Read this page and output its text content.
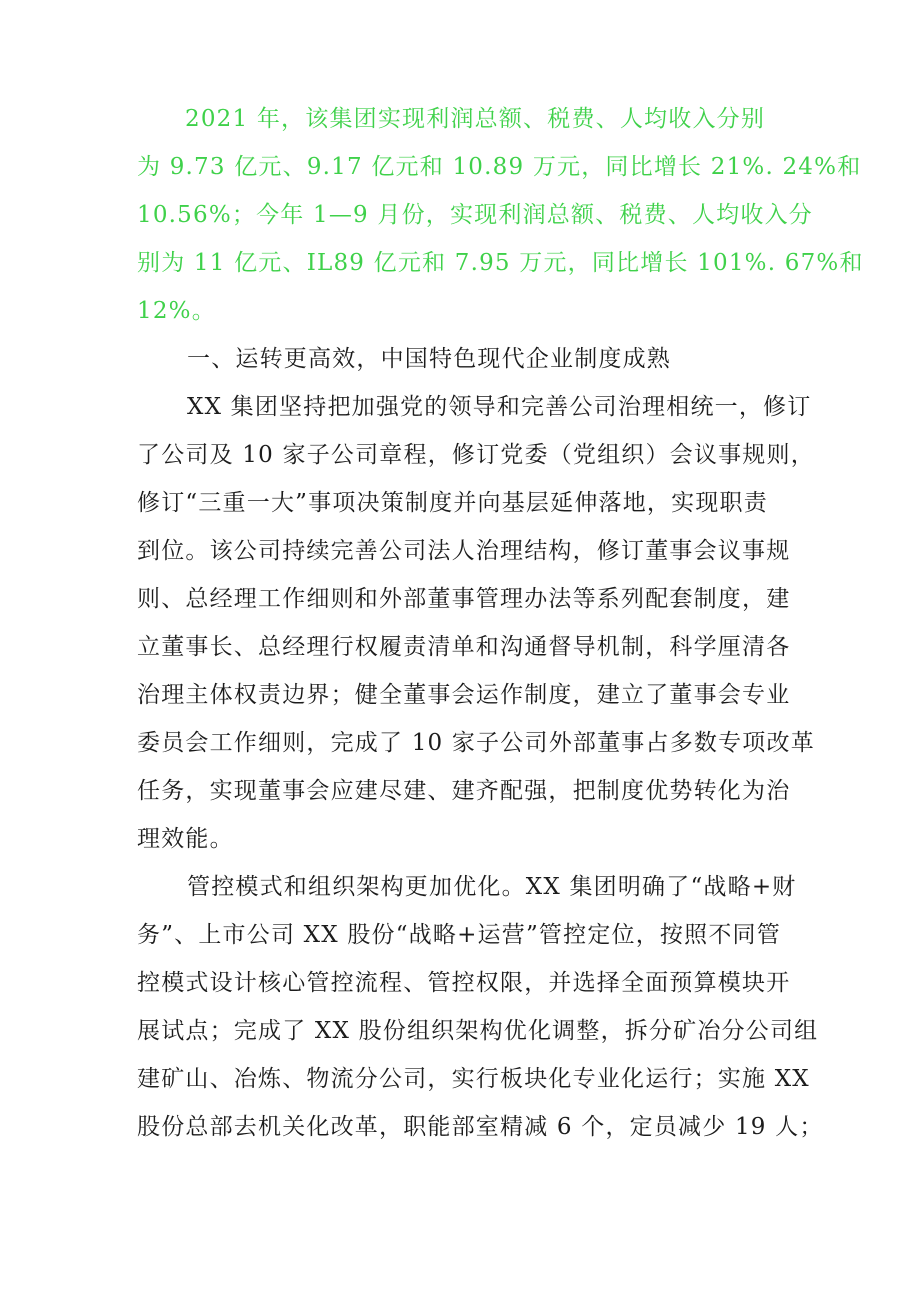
2021 年，该集团实现利润总额、税费、人均收入分别
为 9.73 亿元、9.17 亿元和 10.89 万元，同比增长 21%. 24%和
10.56%；今年 1—9 月份，实现利润总额、税费、人均收入分
别为 11 亿元、IL89 亿元和 7.95 万元，同比增长 101%. 67%和
12%。
一、运转更高效，中国特色现代企业制度成熟
XX 集团坚持把加强党的领导和完善公司治理相统一，修订
了公司及 10 家子公司章程，修订党委（党组织）会议事规则，
修订“三重一大”事项决策制度并向基层延伸落地，实现职责
到位。该公司持续完善公司法人治理结构，修订董事会议事规
则、总经理工作细则和外部董事管理办法等系列配套制度，建
立董事长、总经理行权履责清单和沟通督导机制，科学厘清各
治理主体权责边界；健全董事会运作制度，建立了董事会专业
委员会工作细则，完成了 10 家子公司外部董事占多数专项改革
任务，实现董事会应建尽建、建齐配强，把制度优势转化为治
理效能。
管控模式和组织架构更加优化。XX 集团明确了“战略+财
务”、上市公司 XX 股份“战略+运营”管控定位，按照不同管
控模式设计核心管控流程、管控权限，并选择全面预算模块开
展试点；完成了 XX 股份组织架构优化调整，拆分矿冶分公司组
建矿山、冶炼、物流分公司，实行板块化专业化运行；实施 XX
股份总部去机关化改革，职能部室精减 6 个，定员减少 19 人；
